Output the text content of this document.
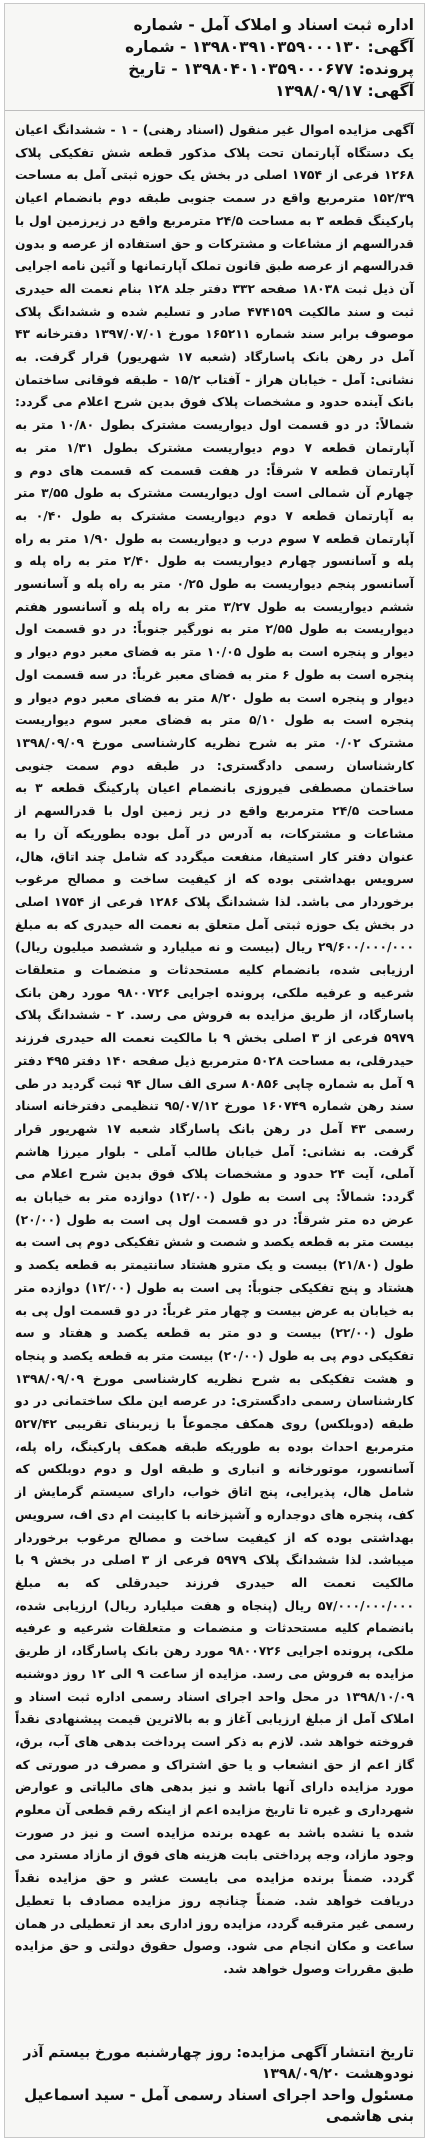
اداره ثبت اسناد و املاک آمل - شماره
آگهی: ۱۳۹۸۰۳۹۱۰۳۵۹۰۰۰۱۳۰ - شماره
پرونده: ۱۳۹۸۰۴۰۱۰۳۵۹۰۰۰۶۷۷ - تاریخ
آگهی: ۱۳۹۸/۰۹/۱۷
آگهی مزایده اموال غیر منقول (اسناد رهنی) - ۱ - ششدانگ اعیان یک دستگاه آپارتمان تحت پلاک مذکور قطعه شش تفکیکی پلاک ۱۲۶۸ فرعی از ۱۷۵۴ اصلی در بخش یک حوزه ثبتی آمل به مساحت ۱۵۲/۳۹ مترمربع واقع در سمت جنوبی طبقه دوم بانضمام اعیان پارکینگ قطعه ۳ به مساحت ۲۴/۵ مترمربع واقع در زیرزمین اول با قدرالسهم از مشاعات و مشترکات و حق استفاده از عرصه و بدون قدرالسهم از عرصه طبق قانون تملک آپارتمانها و آئین نامه اجرایی آن ذیل ثبت ۱۸۰۳۸ صفحه ۳۳۲ دفتر جلد ۱۲۸ بنام نعمت اله حیدری ثبت و سند مالکیت ۴۷۴۱۵۹ صادر و تسلیم شده و ششدانگ پلاک موصوف برابر سند شماره ۱۶۵۲۱۱ مورخ ۱۳۹۷/۰۷/۰۱ دفترخانه ۴۳ آمل در رهن بانک پاسارگاد (شعبه ۱۷ شهریور) قرار گرفت. به نشانی: آمل - خیابان هراز - آفتاب ۱۵/۲ - طبقه فوقانی ساختمان بانک آینده حدود و مشخصات پلاک فوق بدین شرح اعلام می گردد: شمالاً: در دو قسمت اول دیواریست مشترک بطول ۱۰/۸۰ متر به آپارتمان قطعه ۷ دوم دیواریست مشترک بطول ۱/۳۱ متر به آپارتمان قطعه ۷ شرقاً: در هفت قسمت که قسمت های دوم و چهارم آن شمالی است اول دیواریست مشترک به طول ۳/۵۵ متر به آپارتمان قطعه ۷ دوم دیواریست مشترک به طول ۰/۴۰ به آپارتمان قطعه ۷ سوم درب و دیواریست به طول ۱/۹۰ متر به راه پله و آسانسور چهارم دیواریست به طول ۲/۴۰ متر به راه پله و آسانسور پنجم دیواریست به طول ۰/۲۵ متر به راه پله و آسانسور ششم دیواریست به طول ۳/۲۷ متر به راه پله و آسانسور هفتم دیواریست به طول ۲/۵۵ متر به نورگیر جنوباً: در دو قسمت اول دیوار و پنجره است به طول ۱۰/۰۵ متر به فضای معبر دوم دیوار و پنجره است به طول ۶ متر به فضای معبر غرباً: در سه قسمت اول دیوار و پنجره است به طول ۸/۲۰ متر به فضای معبر دوم دیوار و پنجره است به طول ۵/۱۰ متر به فضای معبر سوم دیواریست مشترک ۰/۰۲ متر به شرح نظریه کارشناسی مورخ ۱۳۹۸/۰۹/۰۹ کارشناسان رسمی دادگستری: در طبقه دوم سمت جنوبی ساختمان مصطفی فیروزی بانضمام اعیان پارکینگ قطعه ۳ به مساحت ۲۴/۵ مترمربع واقع در زیر زمین اول با قدرالسهم از مشاعات و مشترکات، به آدرس در آمل بوده بطوریکه آن را به عنوان دفتر کار استیفا، منفعت میگردد که شامل چند اتاق، هال، سرویس بهداشتی بوده که از کیفیت ساخت و مصالح مرغوب برخوردار می باشد. لذا ششدانگ پلاک ۱۲۸۶ فرعی از ۱۷۵۴ اصلی در بخش یک حوزه ثبتی آمل متعلق به نعمت اله حیدری که به مبلغ ۲۹/۶۰۰/۰۰۰/۰۰۰ ریال (بیست و نه میلیارد و ششصد میلیون ریال) ارزیابی شده، بانضمام کلیه مستحدثات و منضمات و متعلقات شرعیه و عرفیه ملکی، پرونده اجرایی ۹۸۰۰۷۲۶ مورد رهن بانک پاسارگاد، از طریق مزایده به فروش می رسد. ۲ - ششدانگ پلاک ۵۹۷۹ فرعی از ۳ اصلی بخش ۹ با مالکیت نعمت اله حیدری فرزند حیدرقلی، به مساحت ۵۰۲۸ مترمربع ذیل صفحه ۱۴۰ دفتر ۴۹۵ دفتر ۹ آمل به شماره چاپی ۸۰۸۵۶ سری الف سال ۹۴ ثبت گردید در طی سند رهن شماره ۱۶۰۷۴۹ مورخ ۹۵/۰۷/۱۲ تنظیمی دفترخانه اسناد رسمی ۴۳ آمل در رهن بانک پاسارگاد شعبه ۱۷ شهریور قرار گرفت. به نشانی: آمل خیابان طالب آملی - بلوار میرزا هاشم آملی، آیت ۲۴ حدود و مشخصات پلاک فوق بدین شرح اعلام می گردد: شمالاً: پی است به طول (۱۲/۰۰) دوازده متر به خیابان به عرض ده متر شرقاً: در دو قسمت اول پی است به طول (۲۰/۰۰) بیست متر به قطعه یکصد و شصت و شش تفکیکی دوم پی است به طول (۲۱/۸۰) بیست و یک مترو هشتاد سانتیمتر به قطعه یکصد و هشتاد و پنج تفکیکی جنوباً: پی است به طول (۱۲/۰۰) دوازده متر به خیابان به عرض بیست و چهار متر غرباً: در دو قسمت اول پی به طول (۲۲/۰۰) بیست و دو متر به قطعه یکصد و هفتاد و سه تفکیکی دوم پی به طول (۲۰/۰۰) بیست متر به قطعه یکصد و پنجاه و هشت تفکیکی به شرح نظریه کارشناسی مورخ ۱۳۹۸/۰۹/۰۹ کارشناسان رسمی دادگستری: در عرصه این ملک ساختمانی در دو طبقه (دوبلکس) روی همکف مجموعاً با زیربنای تقریبی ۵۲۷/۴۲ مترمربع احداث بوده به طوریکه طبقه همکف پارکینگ، راه پله، آسانسور، موتورخانه و انباری و طبقه اول و دوم دوبلکس که شامل هال، پذیرایی، پنج اتاق خواب، دارای سیستم گرمایش از کف، پنجره های دوجداره و آشپزخانه با کابینت ام دی اف، سرویس بهداشتی بوده که از کیفیت ساخت و مصالح مرغوب برخوردار میباشد. لذا ششدانگ پلاک ۵۹۷۹ فرعی از ۳ اصلی در بخش ۹ با مالکیت نعمت اله حیدری فرزند حیدرقلی که به مبلغ ۵۷/۰۰۰/۰۰۰/۰۰۰ ریال (پنجاه و هفت میلیارد ریال) ارزیابی شده، بانضمام کلیه مستحدثات و منضمات و متعلقات شرعیه و عرفیه ملکی، پرونده اجرایی ۹۸۰۰۷۲۶ مورد رهن بانک پاسارگاد، از طریق مزایده به فروش می رسد. مزایده از ساعت ۹ الی ۱۲ روز دوشنبه ۱۳۹۸/۱۰/۰۹ در محل واحد اجرای اسناد رسمی اداره ثبت اسناد و املاک آمل از مبلغ ارزیابی آغاز و به بالاترین قیمت پیشنهادی نقداً فروخته خواهد شد. لازم به ذکر است پرداخت بدهی های آب، برق، گاز اعم از حق انشعاب و یا حق اشتراک و مصرف در صورتی که مورد مزایده دارای آنها باشد و نیز بدهی های مالیاتی و عوارض شهرداری و غیره تا تاریخ مزایده اعم از اینکه رقم قطعی آن معلوم شده یا نشده باشد به عهده برنده مزایده است و نیز در صورت وجود مازاد، وجه پرداختی بابت هزینه های فوق از مازاد مسترد می گردد. ضمناً برنده مزایده می بایست عشر و حق مزایده نقداً دریافت خواهد شد. ضمناً چنانچه روز مزایده مصادف با تعطیل رسمی غیر مترقبه گردد، مزایده روز اداری بعد از تعطیلی در همان ساعت و مکان انجام می شود. وصول حقوق دولتی و حق مزایده طبق مقررات وصول خواهد شد.
تاریخ انتشار آگهی مزایده: روز چهارشنبه مورخ بیستم آذر
نودوهشت ۱۳۹۸/۰۹/۲۰
مسئول واحد اجرای اسناد رسمی آمل - سید اسماعیل
بنی هاشمی
